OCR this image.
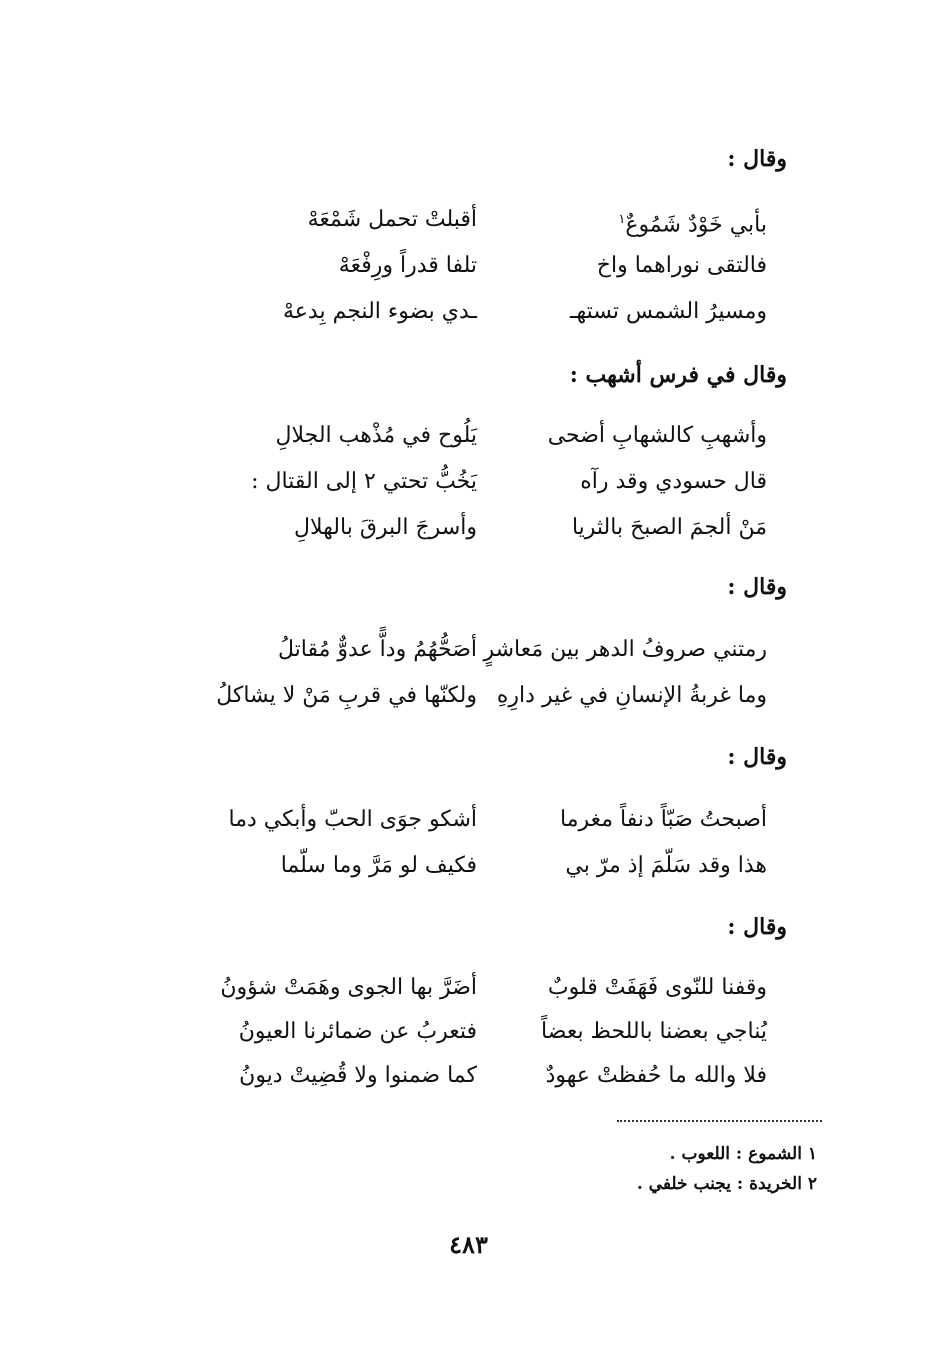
وقال :
بأبي خَوْدٌ شَمُوعٌ$^١$
أقبلتْ تحمل شَمْعَهْ
فالتقى نوراهما واخ
تلفا قدراً ورِفْعَهْ
ومسيرُ الشمس تستهـ
ـدي بضوء النجم بِدعهْ
وقال في فرس أشهب :
وأشهبِ كالشهابِ أضحى
يَلُوح في مُذْهب الجلالِ
قال حسودي وقد رآه
يَخُبُّ تحتي ٢ إلى القتال :
مَنْ ألجمَ الصبحَ بالثريا
وأسرجَ البرقَ بالهلالِ
وقال :
رمتني صروفُ الدهر بين مَعاشرٍ
أصَحُّهُمُ وداًّ عدوٌّ مُقاتلُ
وما غربةُ الإنسانِ في غير دارِهِ
ولكنّها في قربِ مَنْ لا يشاكلُ
وقال :
أصبحتُ صَبّاً دنفاً مغرما
أشكو جوَى الحبّ وأبكي دما
هذا وقد سَلّمَ إذ مرّ بي
فكيف لو مَرَّ وما سلّما
وقال :
وقفنا للنّوى فَهَفَتْ قلوبٌ
أضَرَّ بها الجوى وهَمَتْ شؤونُ
يُناجي بعضنا باللحظ بعضاً
فتعربُ عن ضمائرنا العيونُ
فلا والله ما حُفظتْ عهودٌ
كما ضمنوا ولا قُضِيتْ ديونُ
١ الشموع : اللعوب .
٢ الخريدة : يجنب خلفي .
٤٨٣
